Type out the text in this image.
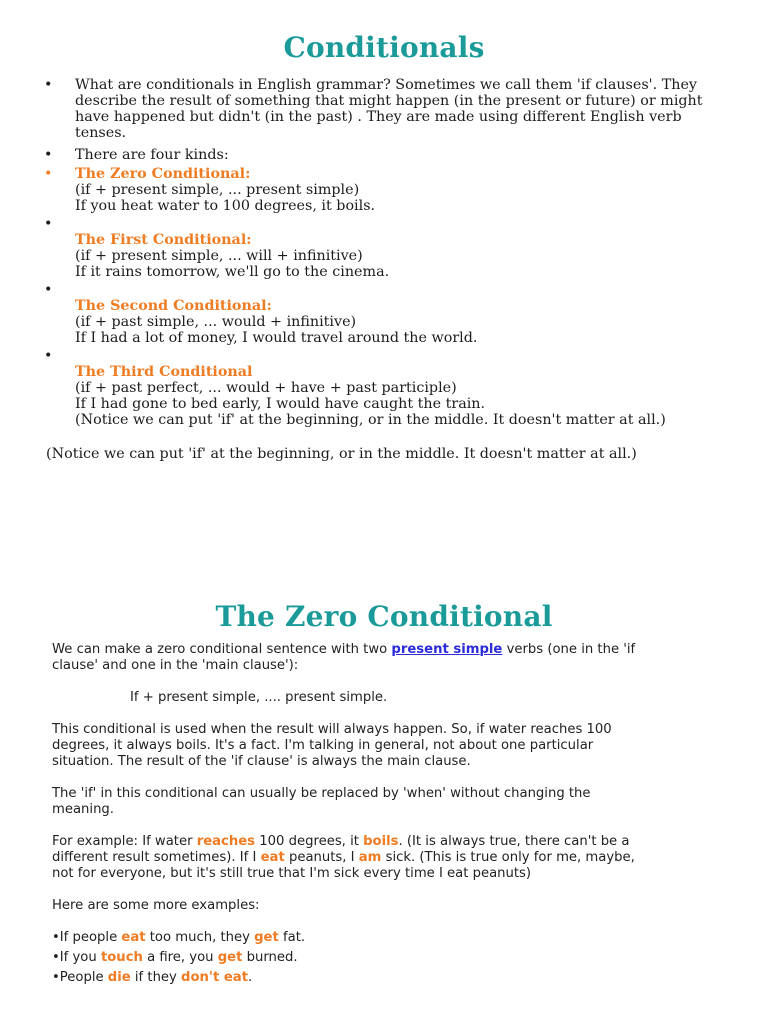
Conditionals
•	What are conditionals in English grammar? Sometimes we call them 'if clauses'. They describe the result of something that might happen (in the present or future) or might have happened but didn't (in the past) . They are made using different English verb tenses.
•	There are four kinds:
•	The Zero Conditional:
(if + present simple, ... present simple)
If you heat water to 100 degrees, it boils.
•
The First Conditional:
(if + present simple, ... will + infinitive)
If it rains tomorrow, we'll go to the cinema.
•
The Second Conditional:
(if + past simple, ... would + infinitive)
If I had a lot of money, I would travel around the world.
•
The Third Conditional
(if + past perfect, ... would + have + past participle)
If I had gone to bed early, I would have caught the train.
(Notice we can put 'if' at the beginning, or in the middle. It doesn't matter at all.)
(Notice we can put 'if' at the beginning, or in the middle. It doesn't matter at all.)
The Zero Conditional

We can make a zero conditional sentence with two present simple verbs (one in the 'if clause' and one in the 'main clause'):

If + present simple, .... present simple.

This conditional is used when the result will always happen. So, if water reaches 100 degrees, it always boils. It's a fact. I'm talking in general, not about one particular situation. The result of the 'if clause' is always the main clause.

The 'if' in this conditional can usually be replaced by 'when' without changing the meaning.

For example: If water reaches 100 degrees, it boils. (It is always true, there can't be a different result sometimes). If I eat peanuts, I am sick. (This is true only for me, maybe, not for everyone, but it's still true that I'm sick every time I eat peanuts)

Here are some more examples:

•If people eat too much, they get fat.
•If you touch a fire, you get burned.
•People die if they don't eat.
